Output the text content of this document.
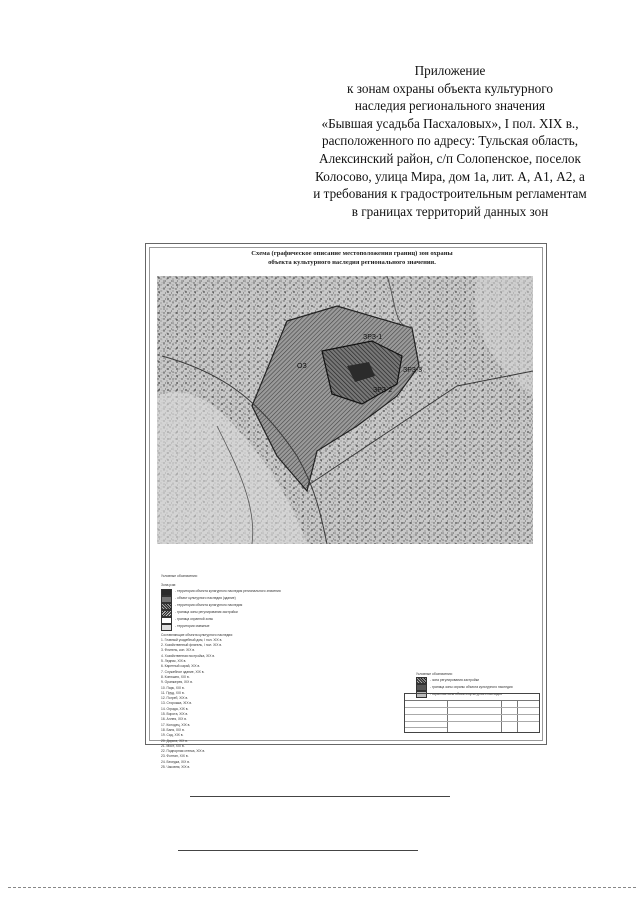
Приложение
к зонам охраны объекта культурного
наследия регионального значения
«Бывшая усадьба Пасхаловых», I пол. XIX в.,
расположенного по адресу: Тульская область,
Алексинский район, с/п Солопенское, поселок
Колосово, улица Мира, дом 1а, лит. А, А1, А2, а
и требования к градостроительным регламентам
в границах территорий данных зон
Схема (графическое описание местоположения границ) зон охраны
объекта культурного наследия регионального значения.
ЗРЗ-1
ЗРЗ-2
ОЗ
ЗРЗ-3
Условные обозначения:
Зона рзм:
- территория объекта культурного наследия регионального значения
- объект культурного наследия (здание)
- территория объекта культурного наследия
- граница зоны регулирования застройки
- граница охранной зоны
- территории смежные
Составляющие объекта культурного наследия:
1. Главный усадебный дом, I пол. XIX в.
2. Хозяйственный флигель, I пол. XIX в.
3. Флигель, кон. XIX в.
4. Хозяйственная постройка, XIX в.
5. Ледник, XIX в.
6. Каретный сарай, XIX в.
7. Служебное здание, XIX в.
8. Конюшня, XIX в.
9. Оранжерея, XIX в.
10. Парк, XIX в.
11. Пруд, XIX в.
12. Погреб, XIX в.
13. Сторожка, XIX в.
14. Ограда, XIX в.
15. Ворота, XIX в.
16. Аллея, XIX в.
17. Колодец, XIX в.
18. Баня, XIX в.
19. Сад, XIX в.
20. Дорога, XIX в.
21. Мост, XIX в.
22. Подпорная стенка, XIX в.
23. Фонтан, XIX в.
24. Беседка, XIX в.
25. Часовня, XIX в.
Условные обозначения:
- зона регулирования застройки
- граница зоны охраны объекта культурного наследия
- охранная зона объекта культурного наследия
